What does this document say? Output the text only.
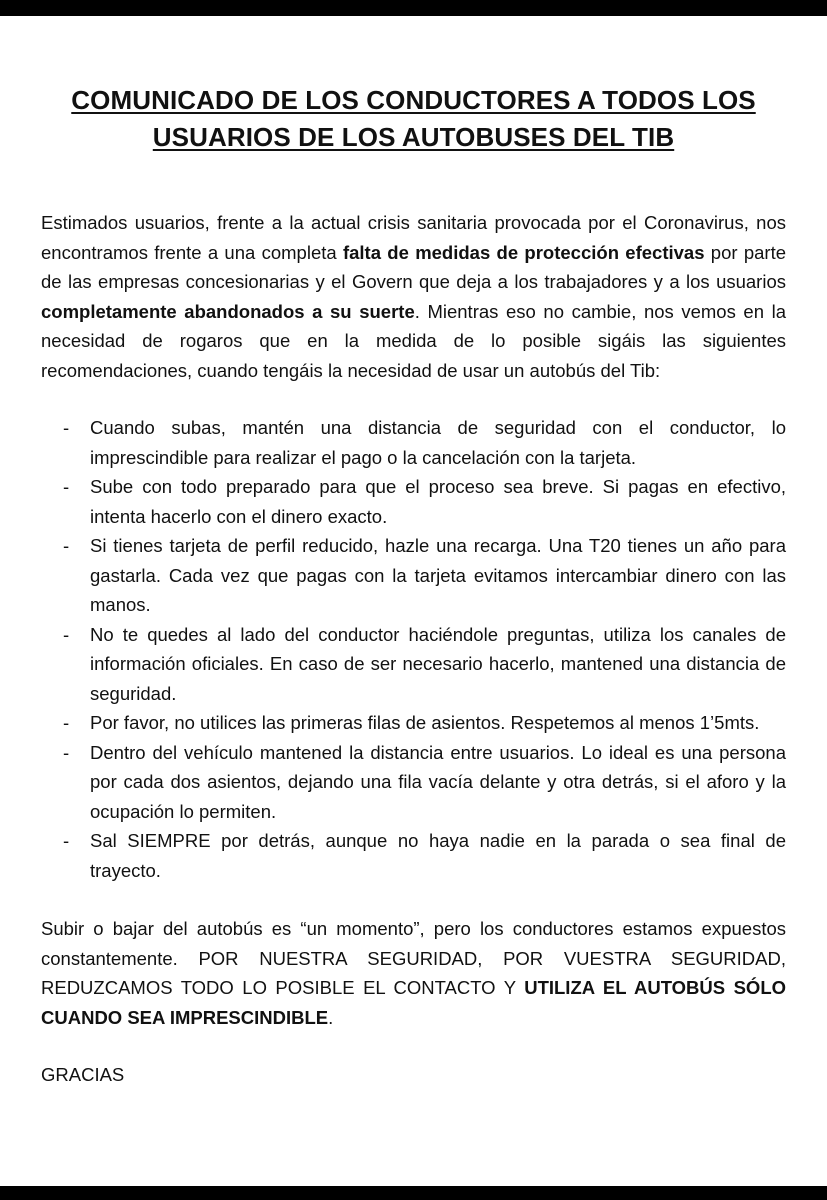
COMUNICADO DE LOS CONDUCTORES A TODOS LOS
USUARIOS DE LOS AUTOBUSES DEL TIB

Estimados usuarios, frente a la actual crisis sanitaria provocada por el Coronavirus, nos encontramos frente a una completa falta de medidas de protección efectivas por parte de las empresas concesionarias y el Govern que deja a los trabajadores y a los usuarios completamente abandonados a su suerte. Mientras eso no cambie, nos vemos en la necesidad de rogaros que en la medida de lo posible sigáis las siguientes recomendaciones, cuando tengáis la necesidad de usar un autobús del Tib:

- Cuando subas, mantén una distancia de seguridad con el conductor, lo imprescindible para realizar el pago o la cancelación con la tarjeta.
- Sube con todo preparado para que el proceso sea breve. Si pagas en efectivo, intenta hacerlo con el dinero exacto.
- Si tienes tarjeta de perfil reducido, hazle una recarga. Una T20 tienes un año para gastarla. Cada vez que pagas con la tarjeta evitamos intercambiar dinero con las manos.
- No te quedes al lado del conductor haciéndole preguntas, utiliza los canales de información oficiales. En caso de ser necesario hacerlo, mantened una distancia de seguridad.
- Por favor, no utilices las primeras filas de asientos. Respetemos al menos 1’5mts.
- Dentro del vehículo mantened la distancia entre usuarios. Lo ideal es una persona por cada dos asientos, dejando una fila vacía delante y otra detrás, si el aforo y la ocupación lo permiten.
- Sal SIEMPRE por detrás, aunque no haya nadie en la parada o sea final de trayecto.

Subir o bajar del autobús es “un momento”, pero los conductores estamos expuestos constantemente. POR NUESTRA SEGURIDAD, POR VUESTRA SEGURIDAD, REDUZCAMOS TODO LO POSIBLE EL CONTACTO Y UTILIZA EL AUTOBÚS SÓLO CUANDO SEA IMPRESCINDIBLE.

GRACIAS
